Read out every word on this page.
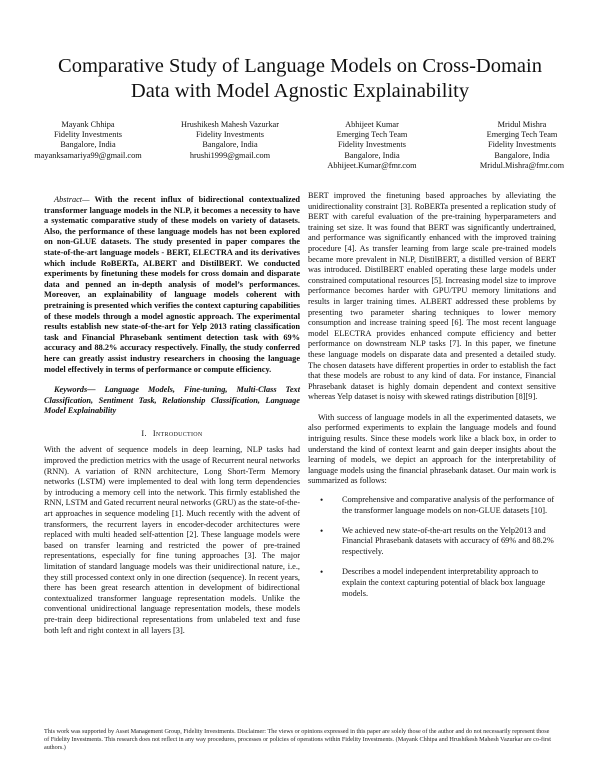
Comparative Study of Language Models on Cross-Domain Data with Model Agnostic Explainability
Mayank Chhipa
Fidelity Investments
Bangalore, India
mayanksamariya99@gmail.com
Hrushikesh Mahesh Vazurkar
Fidelity Investments
Bangalore, India
hrushi1999@gmail.com
Abhijeet Kumar
Emerging Tech Team
Fidelity Investments
Bangalore, India
Abhijeet.Kumar@fmr.com
Mridul Mishra
Emerging Tech Team
Fidelity Investments
Bangalore, India
Mridul.Mishra@fmr.com

Abstract— With the recent influx of bidirectional contextualized transformer language models in the NLP, it becomes a necessity to have a systematic comparative study of these models on variety of datasets. Also, the performance of these language models has not been explored on non-GLUE datasets. The study presented in paper compares the state-of-the-art language models - BERT, ELECTRA and its derivatives which include RoBERTa, ALBERT and DistilBERT. We conducted experiments by finetuning these models for cross domain and disparate data and penned an in-depth analysis of model’s performances. Moreover, an explainability of language models coherent with pretraining is presented which verifies the context capturing capabilities of these models through a model agnostic approach. The experimental results establish new state-of-the-art for Yelp 2013 rating classification task and Financial Phrasebank sentiment detection task with 69% accuracy and 88.2% accuracy respectively. Finally, the study conferred here can greatly assist industry researchers in choosing the language model effectively in terms of performance or compute efficiency.

Keywords— Language Models, Fine-tuning, Multi-Class Text Classification, Sentiment Task, Relationship Classification, Language Model Explainability

I. Introduction

With the advent of sequence models in deep learning, NLP tasks had improved the prediction metrics with the usage of Recurrent neural networks (RNN). A variation of RNN architecture, Long Short-Term Memory networks (LSTM) were implemented to deal with long term dependencies by introducing a memory cell into the network. This firmly established the RNN, LSTM and Gated recurrent neural networks (GRU) as the state-of-the-art approaches in sequence modeling [1]. Much recently with the advent of transformers, the recurrent layers in encoder-decoder architectures were replaced with multi headed self-attention [2]. These language models were based on transfer learning and restricted the power of pre-trained representations, especially for fine tuning approaches [3]. The major limitation of standard language models was their unidirectional nature, i.e., they still processed context only in one direction (sequence). In recent years, there has been great research attention in development of bidirectional contextualized transformer language representation models. Unlike the conventional unidirectional language representation models, these models pre-train deep bidirectional representations from unlabeled text and fuse both left and right context in all layers [3].

BERT improved the finetuning based approaches by alleviating the unidirectionality constraint [3]. RoBERTa presented a replication study of BERT with careful evaluation of the pre-training hyperparameters and training set size. It was found that BERT was significantly undertrained, and performance was significantly enhanced with the improved training procedure [4]. As transfer learning from large scale pre-trained models became more prevalent in NLP, DistilBERT, a distilled version of BERT was introduced. DistilBERT enabled operating these large models under constrained computational resources [5]. Increasing model size to improve performance becomes harder with GPU/TPU memory limitations and results in larger training times. ALBERT addressed these problems by presenting two parameter sharing techniques to lower memory consumption and increase training speed [6]. The most recent language model ELECTRA provides enhanced compute efficiency and better performance on downstream NLP tasks [7]. In this paper, we finetune these language models on disparate data and presented a detailed study. The chosen datasets have different properties in order to establish the fact that these models are robust to any kind of data. For instance, Financial Phrasebank dataset is highly domain dependent and context sensitive whereas Yelp dataset is noisy with skewed ratings distribution [8][9].

With success of language models in all the experimented datasets, we also performed experiments to explain the language models and found intriguing results. Since these models work like a black box, in order to understand the kind of context learnt and gain deeper insights about the learning of models, we depict an approach for the interpretability of language models using the financial phrasebank dataset. Our main work is summarized as follows:

• Comprehensive and comparative analysis of the performance of the transformer language models on non-GLUE datasets [10].
• We achieved new state-of-the-art results on the Yelp2013 and Financial Phrasebank datasets with accuracy of 69% and 88.2% respectively.
• Describes a model independent interpretability approach to explain the context capturing potential of black box language models.
This work was supported by Asset Management Group, Fidelity Investments. Disclaimer: The views or opinions expressed in this paper are solely those of the author and do not necessarily represent those of Fidelity Investments. This research does not reflect in any way procedures, processes or policies of operations within Fidelity Investments. (Mayank Chhipa and Hrushikesh Mahesh Vazurkar are co-first authors.)
